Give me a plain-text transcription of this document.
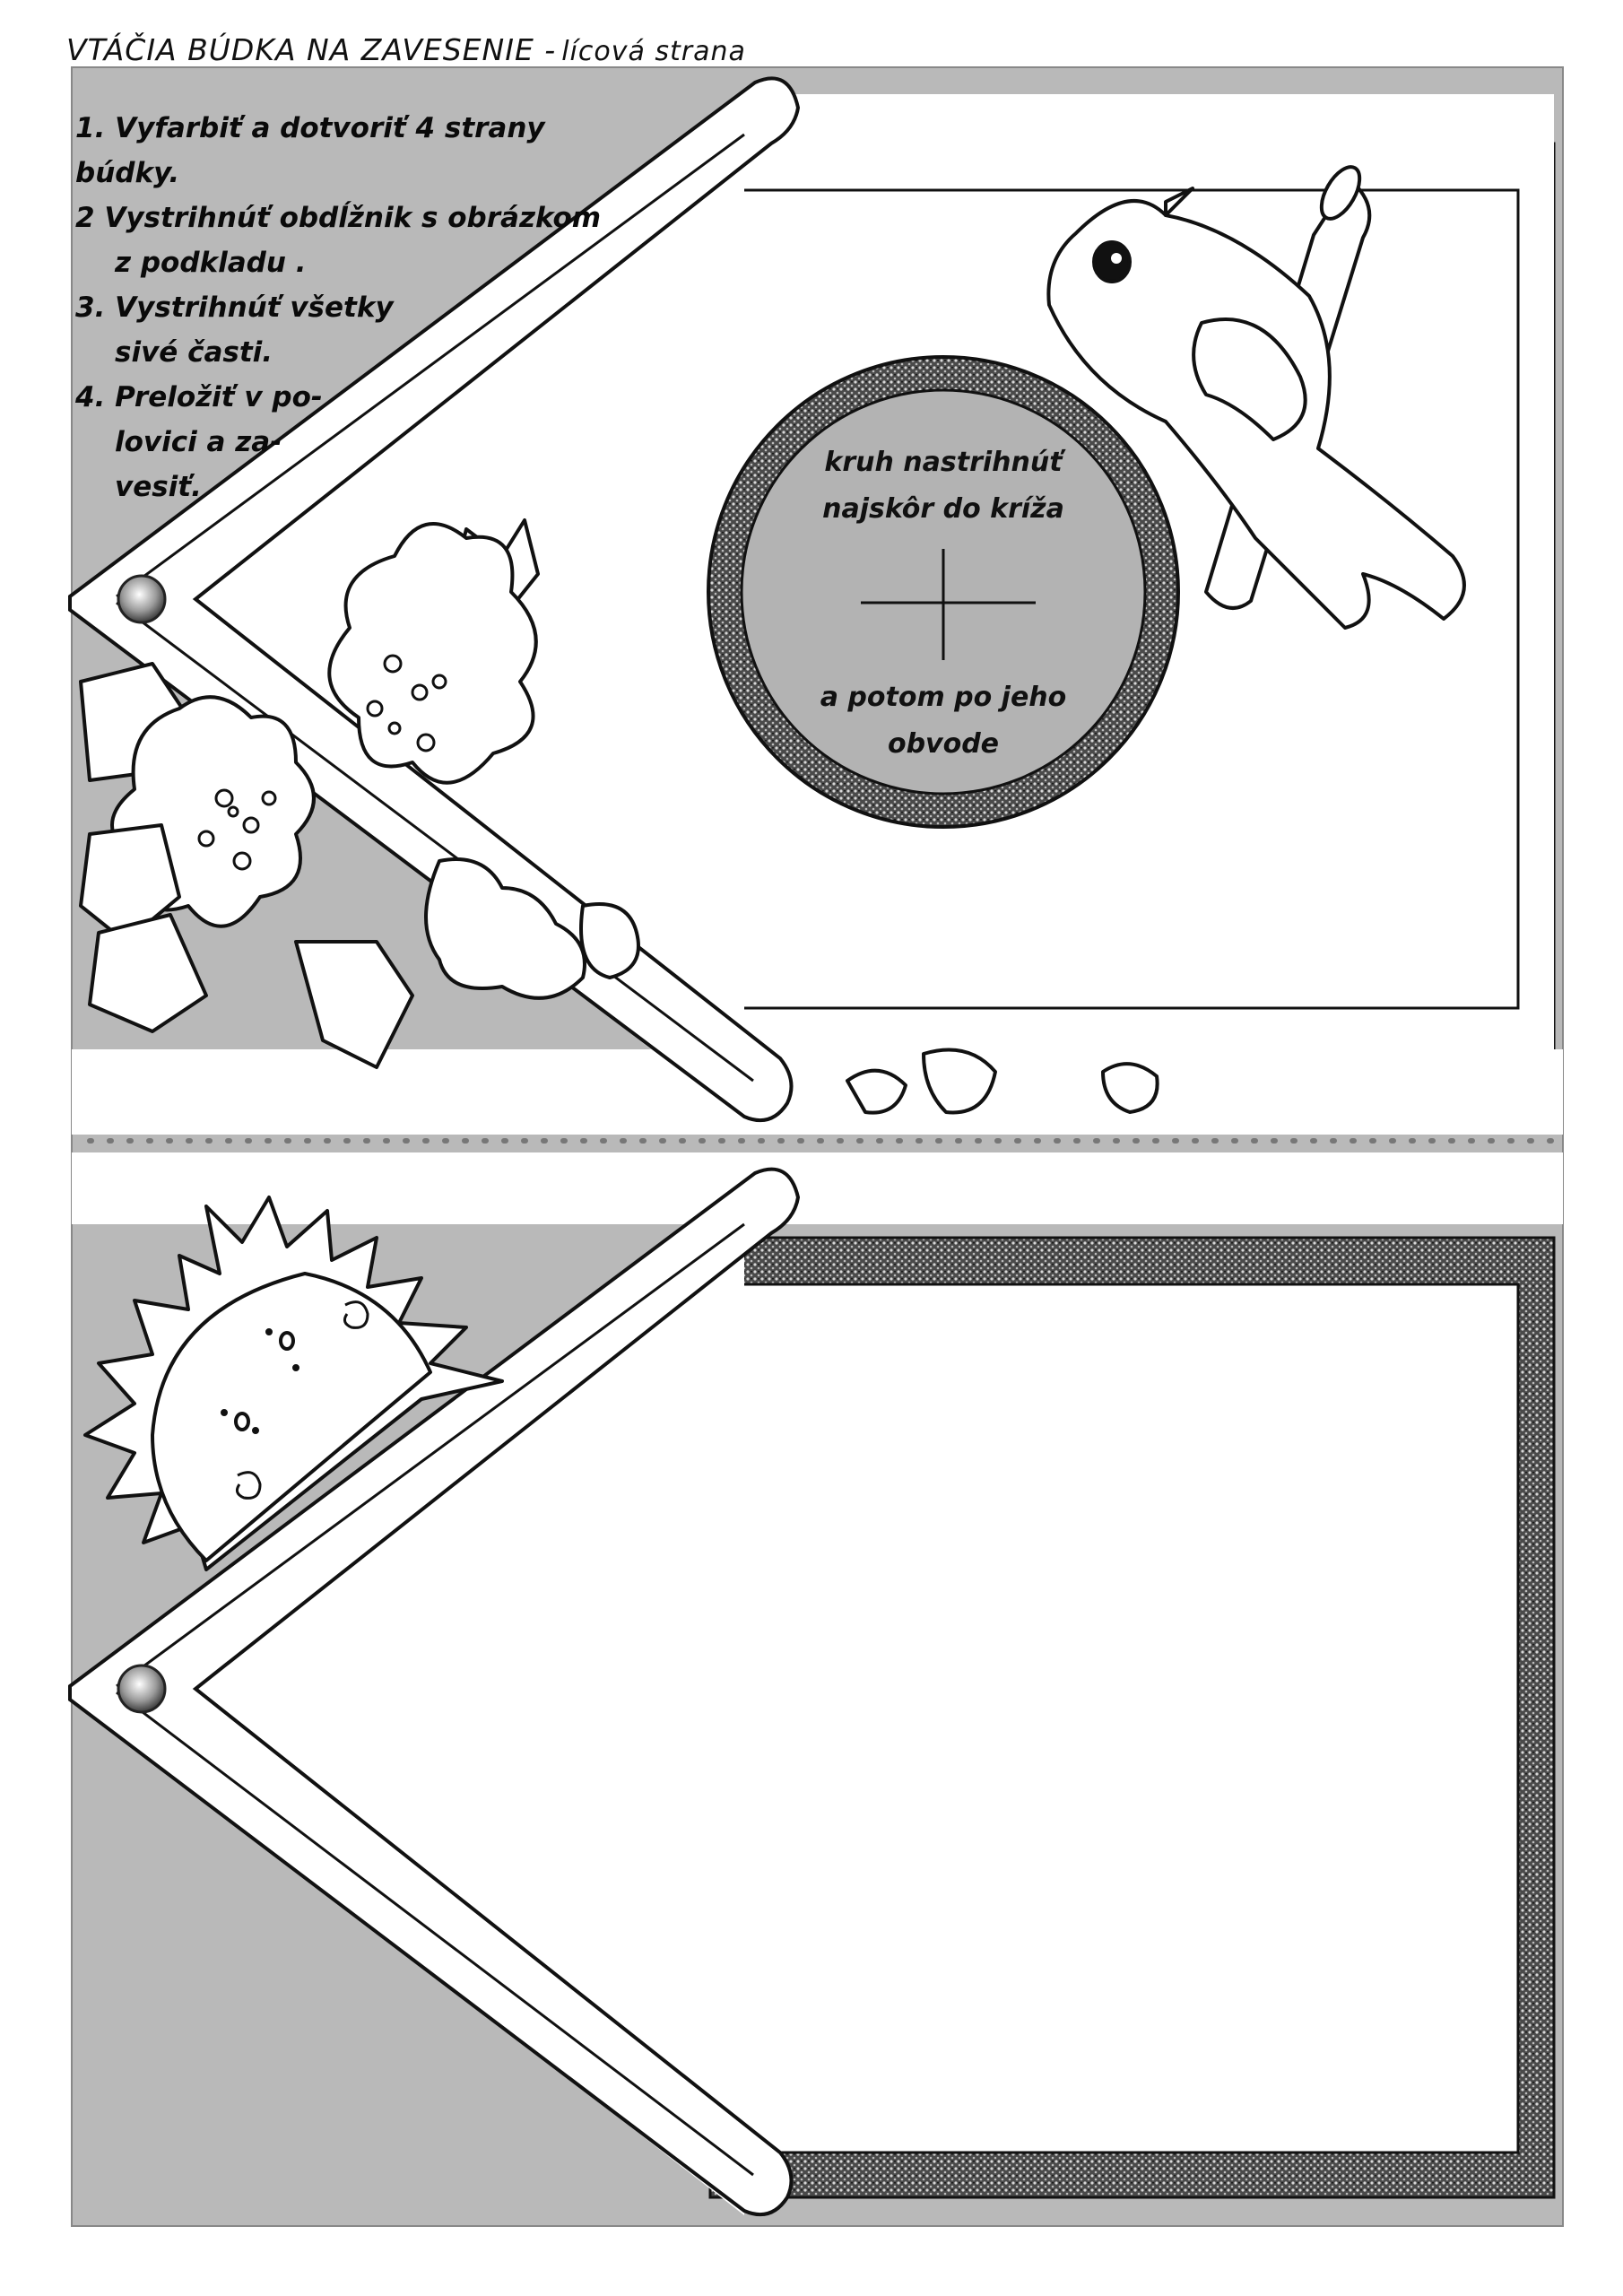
VTÁČIA BÚDKA NA ZAVESENIE - lícová strana
1. Vyfarbiť a dotvoriť 4 strany búdky.
2 Vystrihnúť obdĺžnik s obrázkom
z podkladu .
3. Vystrihnúť všetky
sivé časti.
4. Preložiť v po-
lovici a za-
vesiť.
kruh nastrihnúť
najskôr do kríža
a potom po jeho
obvode
